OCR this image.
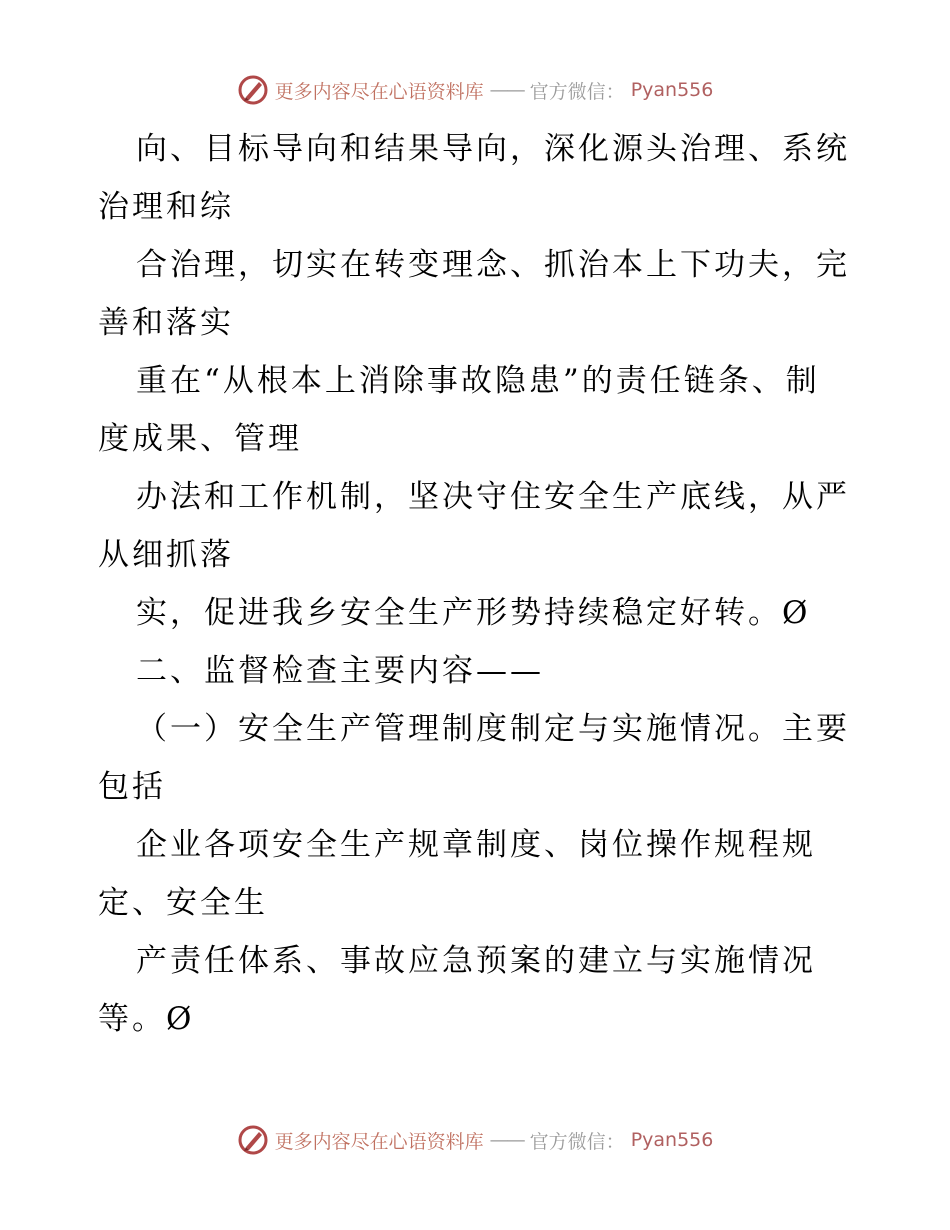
更多内容尽在心语资料库 —— 官方微信： Pyan556
向、目标导向和结果导向，深化源头治理、系统
治理和综
合治理，切实在转变理念、抓治本上下功夫，完
善和落实
重在“从根本上消除事故隐患”的责任链条、制
度成果、管理
办法和工作机制，坚决守住安全生产底线，从严
从细抓落
实，促进我乡安全生产形势持续稳定好转。Ø
二、监督检查主要内容——
（一）安全生产管理制度制定与实施情况。主要
包括
企业各项安全生产规章制度、岗位操作规程规
定、安全生
产责任体系、事故应急预案的建立与实施情况
等。Ø
更多内容尽在心语资料库 —— 官方微信： Pyan556
